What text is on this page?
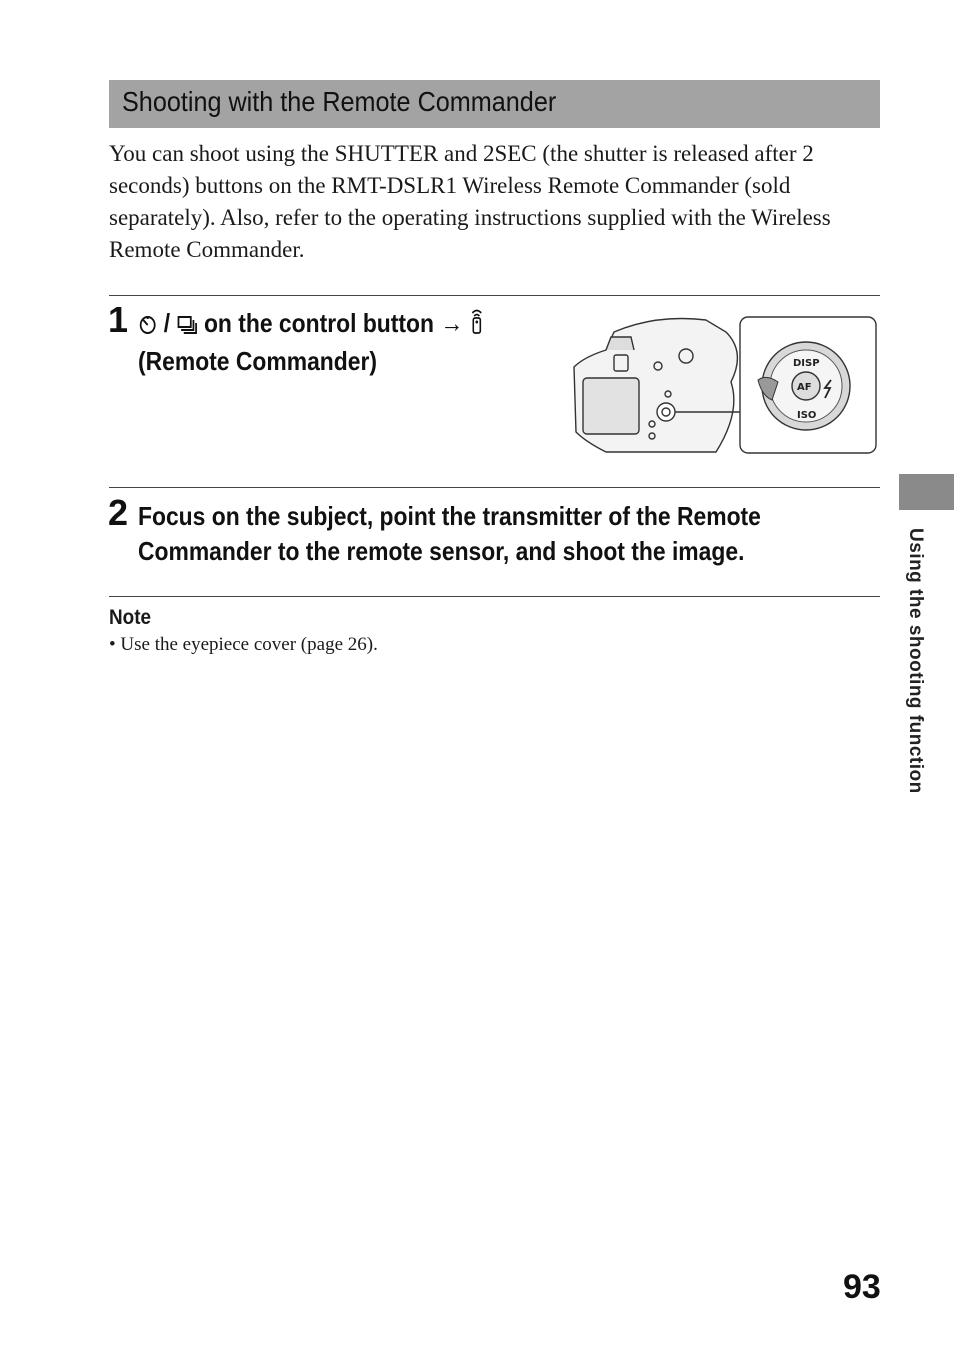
Shooting with the Remote Commander

You can shoot using the SHUTTER and 2SEC (the shutter is released after 2 seconds) buttons on the RMT-DSLR1 Wireless Remote Commander (sold separately). Also, refer to the operating instructions supplied with the Wireless Remote Commander.

1	/ on the control button →
(Remote Commander)	DISP
AF
ISO
2 Focus on the subject, point the transmitter of the Remote
Commander to the remote sensor, and shoot the image.
Note
• Use the eyepiece cover (page 26).	Using the shooting function
93
